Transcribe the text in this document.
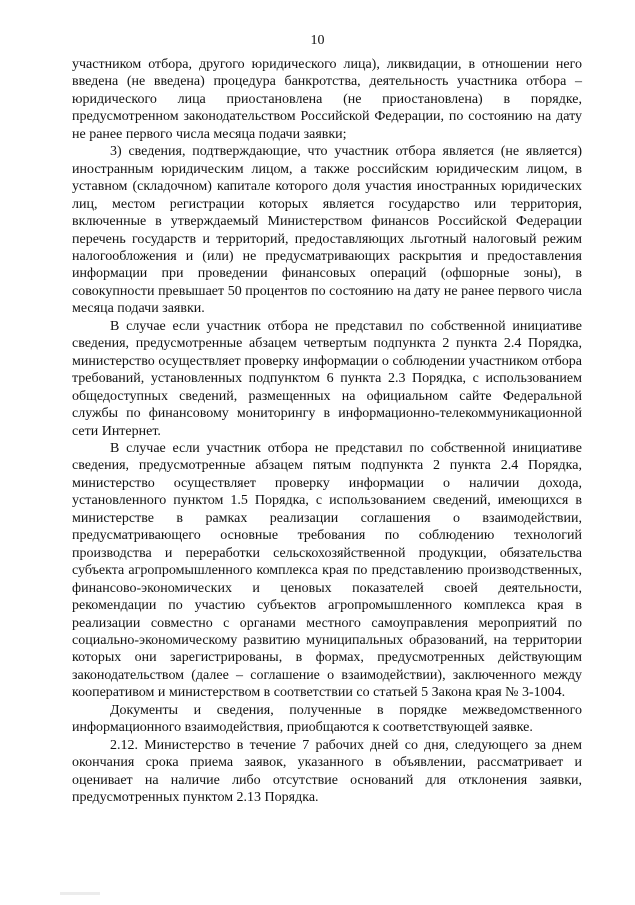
10

участником отбора, другого юридического лица), ликвидации, в отношении него введена (не введена) процедура банкротства, деятельность участника отбора – юридического лица приостановлена (не приостановлена) в порядке, предусмотренном законодательством Российской Федерации, по состоянию на дату не ранее первого числа месяца подачи заявки;

3) сведения, подтверждающие, что участник отбора является (не является) иностранным юридическим лицом, а также российским юридическим лицом, в уставном (складочном) капитале которого доля участия иностранных юридических лиц, местом регистрации которых является государство или территория, включенные в утверждаемый Министерством финансов Российской Федерации перечень государств и территорий, предоставляющих льготный налоговый режим налогообложения и (или) не предусматривающих раскрытия и предоставления информации при проведении финансовых операций (офшорные зоны), в совокупности превышает 50 процентов по состоянию на дату не ранее первого числа месяца подачи заявки.

В случае если участник отбора не представил по собственной инициативе сведения, предусмотренные абзацем четвертым подпункта 2 пункта 2.4 Порядка, министерство осуществляет проверку информации о соблюдении участником отбора требований, установленных подпунктом 6 пункта 2.3 Порядка, с использованием общедоступных сведений, размещенных на официальном сайте Федеральной службы по финансовому мониторингу в информационно-телекоммуникационной сети Интернет.

В случае если участник отбора не представил по собственной инициативе сведения, предусмотренные абзацем пятым подпункта 2 пункта 2.4 Порядка, министерство осуществляет проверку информации о наличии дохода, установленного пунктом 1.5 Порядка, с использованием сведений, имеющихся в министерстве в рамках реализации соглашения о взаимодействии, предусматривающего основные требования по соблюдению технологий производства и переработки сельскохозяйственной продукции, обязательства субъекта агропромышленного комплекса края по представлению производственных, финансово-экономических и ценовых показателей своей деятельности, рекомендации по участию субъектов агропромышленного комплекса края в реализации совместно с органами местного самоуправления мероприятий по социально-экономическому развитию муниципальных образований, на территории которых они зарегистрированы, в формах, предусмотренных действующим законодательством (далее – соглашение о взаимодействии), заключенного между кооперативом и министерством в соответствии со статьей 5 Закона края № 3-1004.

Документы и сведения, полученные в порядке межведомственного информационного взаимодействия, приобщаются к соответствующей заявке.

2.12. Министерство в течение 7 рабочих дней со дня, следующего за днем окончания срока приема заявок, указанного в объявлении, рассматривает и оценивает на наличие либо отсутствие оснований для отклонения заявки, предусмотренных пунктом 2.13 Порядка.
